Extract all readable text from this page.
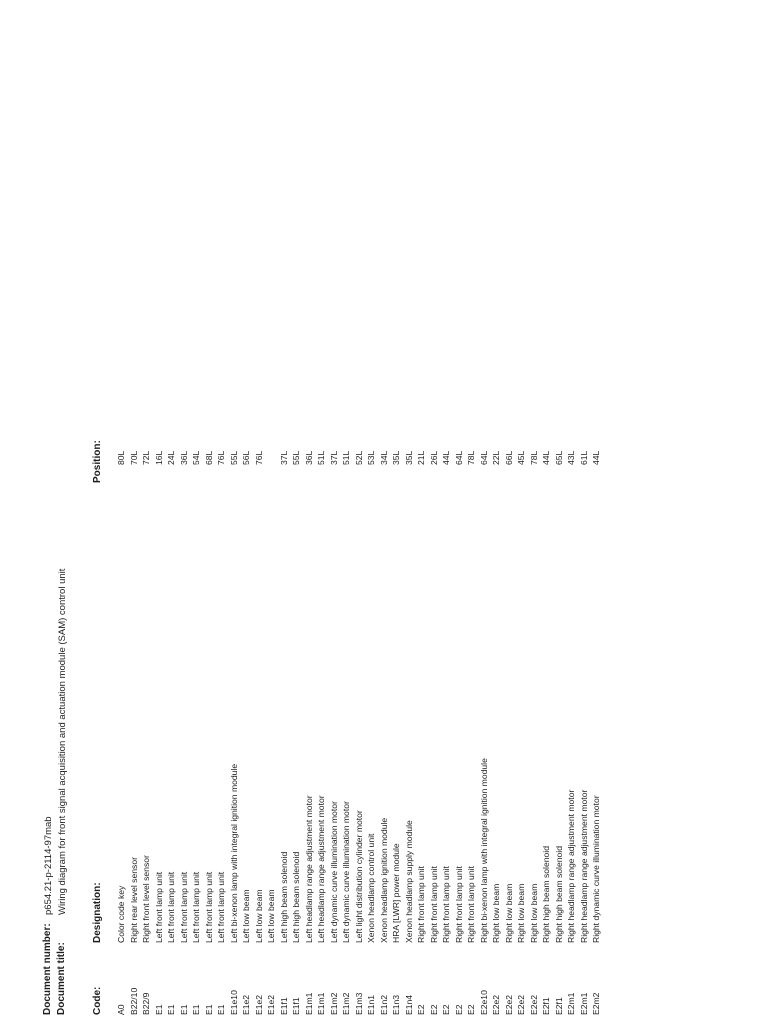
Document number:
p654.21-p-2114-97mab
Document title:
Wiring diagram for front signal acquisition and actuation module (SAM) control unit
Code:
Designation:
Position:
A0
Color code key
80L
B22/10
Right rear level sensor
70L
B22/9
Right front level sensor
72L
E1
Left front lamp unit
16L
E1
Left front lamp unit
24L
E1
Left front lamp unit
36L
E1
Left front lamp unit
54L
E1
Left front lamp unit
68L
E1
Left front lamp unit
76L
E1e10
Left bi-xenon lamp with integral ignition module
55L
E1e2
Left low beam
56L
E1e2
Left low beam
76L
E1e2
Left low beam
E1f1
Left high beam solenoid
37L
E1f1
Left high beam solenoid
55L
E1m1
Left headlamp range adjustment motor
36L
E1m1
Left headlamp range adjustment motor
51L
E1m2
Left dynamic curve illumination motor
37L
E1m2
Left dynamic curve illumination motor
51L
E1m3
Left light distribution cylinder motor
52L
E1n1
Xenon headlamp control unit
53L
E1n2
Xenon headlamp ignition module
34L
E1n3
HRA [LWR] power module
35L
E1n4
Xenon headlamp supply module
35L
E2
Right front lamp unit
21L
E2
Right front lamp unit
26L
E2
Right front lamp unit
44L
E2
Right front lamp unit
64L
E2
Right front lamp unit
78L
E2e10
Right bi-xenon lamp with integral ignition module
64L
E2e2
Right low beam
22L
E2e2
Right low beam
66L
E2e2
Right low beam
45L
E2e2
Right low beam
78L
E2f1
Right high beam solenoid
44L
E2f1
Right high beam solenoid
65L
E2m1
Right headlamp range adjustment motor
43L
E2m1
Right headlamp range adjustment motor
61L
E2m2
Right dynamic curve illumination motor
44L
